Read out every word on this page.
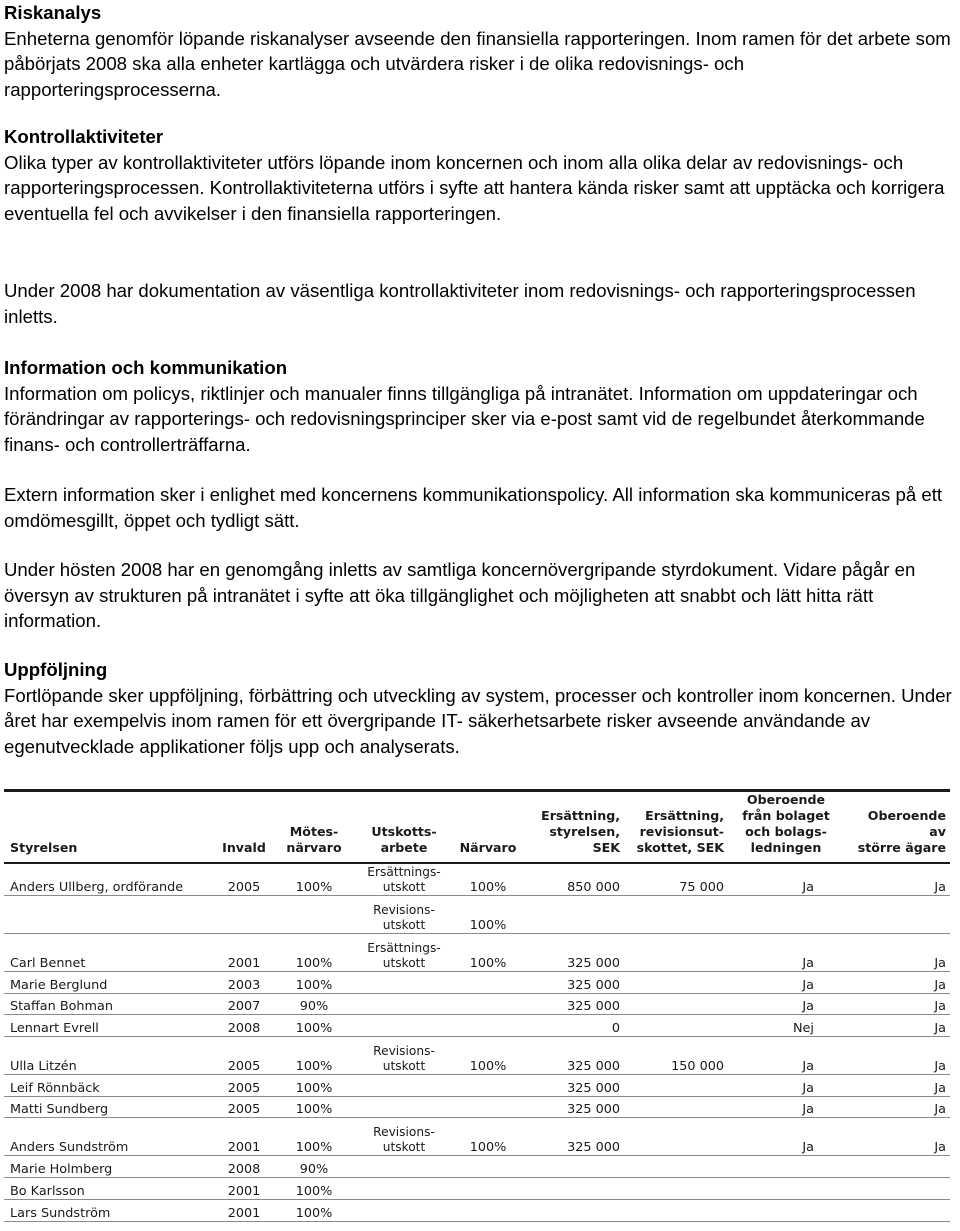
Riskanalys

Enheterna genomför löpande riskanalyser avseende den finansiella rapporteringen. Inom ramen för det arbete som påbörjats 2008 ska alla enheter kartlägga och utvärdera risker i de olika redovisnings- och rapporteringsprocesserna.

Kontrollaktiviteter

Olika typer av kontrollaktiviteter utförs löpande inom koncernen och inom alla olika delar av redovisnings- och rapporteringsprocessen. Kontrollaktiviteterna utförs i syfte att hantera kända risker samt att upptäcka och korrigera eventuella fel och avvikelser i den finansiella rapporteringen.

Under 2008 har dokumentation av väsentliga kontrollaktiviteter inom redovisnings- och rapporteringsprocessen inletts.

Information och kommunikation

Information om policys, riktlinjer och manualer finns tillgängliga på intranätet. Information om uppdateringar och förändringar av rapporterings- och redovisningsprinciper sker via e-post samt vid de regelbundet återkommande finans- och controllerträffarna.

Extern information sker i enlighet med koncernens kommunikationspolicy. All information ska kommuniceras på ett omdömesgillt, öppet och tydligt sätt.

Under hösten 2008 har en genomgång inletts av samtliga koncernövergripande styrdokument. Vidare pågår en översyn av strukturen på intranätet i syfte att öka tillgänglighet och möjligheten att snabbt och lätt hitta rätt information.

Uppföljning

Fortlöpande sker uppföljning, förbättring och utveckling av system, processer och kontroller inom koncernen. Under året har exempelvis inom ramen för ett övergripande IT- säkerhetsarbete risker avseende användande av egenutvecklade applikationer följs upp och analyserats.

Styrelsen	Invald	Mötes-
närvaro	Utskotts-
arbete	Närvaro	Ersättning,
styrelsen,
SEK	Ersättning,
revisionsut-
skottet, SEK	Oberoende
från bolaget
och bolags-
ledningen	Oberoende av
större ägare
Anders Ullberg, ordförande	2005	100%	Ersättnings-
utskott	100%	850 000	75 000	Ja	Ja
			Revisions-
utskott	100%				
Carl Bennet	2001	100%	Ersättnings-
utskott	100%	325 000		Ja	Ja
Marie Berglund	2003	100%			325 000		Ja	Ja
Staffan Bohman	2007	90%			325 000		Ja	Ja
Lennart Evrell	2008	100%			0		Nej	Ja
Ulla Litzén	2005	100%	Revisions-
utskott	100%	325 000	150 000	Ja	Ja
Leif Rönnbäck	2005	100%			325 000		Ja	Ja
Matti Sundberg	2005	100%			325 000		Ja	Ja
Anders Sundström	2001	100%	Revisions-
utskott	100%	325 000		Ja	Ja
Marie Holmberg	2008	90%						
Bo Karlsson	2001	100%						
Lars Sundström	2001	100%						
